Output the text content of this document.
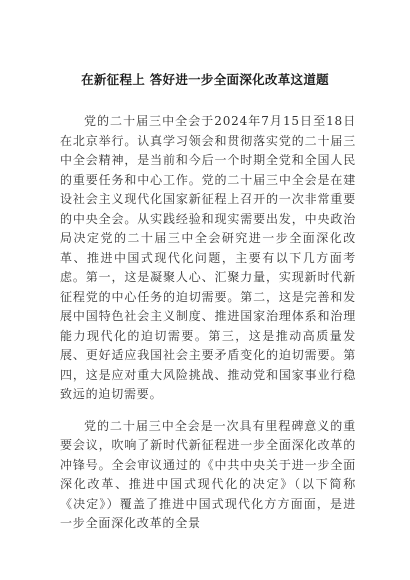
在新征程上 答好进一步全面深化改革这道题

党的二十届三中全会于2024年7月15日至18日在北京举行。认真学习领会和贯彻落实党的二十届三中全会精神，是当前和今后一个时期全党和全国人民的重要任务和中心工作。党的二十届三中全会是在建设社会主义现代化国家新征程上召开的一次非常重要的中央全会。从实践经验和现实需要出发，中央政治局决定党的二十届三中全会研究进一步全面深化改革、推进中国式现代化问题，主要有以下几方面考虑。第一，这是凝聚人心、汇聚力量，实现新时代新征程党的中心任务的迫切需要。第二，这是完善和发展中国特色社会主义制度、推进国家治理体系和治理能力现代化的迫切需要。第三，这是推动高质量发展、更好适应我国社会主要矛盾变化的迫切需要。第四，这是应对重大风险挑战、推动党和国家事业行稳致远的迫切需要。

党的二十届三中全会是一次具有里程碑意义的重要会议，吹响了新时代新征程进一步全面深化改革的冲锋号。全会审议通过的《中共中央关于进一步全面深化改革、推进中国式现代化的决定》（以下简称《决定》）覆盖了推进中国式现代化方方面面，是进一步全面深化改革的全景
